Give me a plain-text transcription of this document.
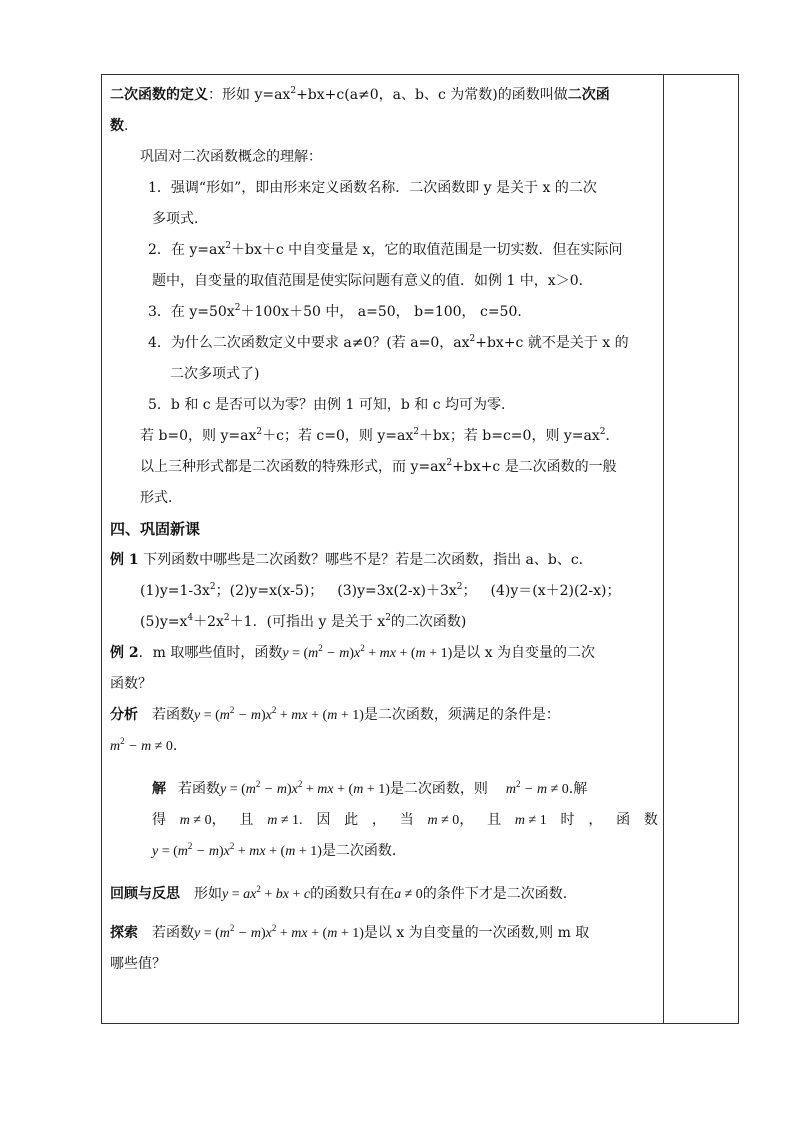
二次函数的定义：形如 $y=ax^2+bx+c(a\ne 0$，a、b、c 为常数)的函数叫做二次函
数.
巩固对二次函数概念的理解：
1．强调“形如”，即由形来定义函数名称．二次函数即 y 是关于 x 的二次
多项式．
2．在 $y=ax^2+bx+c$ 中自变量是 x，它的取值范围是一切实数．但在实际问
题中，自变量的取值范围是使实际问题有意义的值．如例 1 中，x＞0．
3．在 $y=50x^2+100x+50$ 中， a=50， b=100， c=50．
4．为什么二次函数定义中要求 a≠0？(若 a=0，$ax^2+bx+c$ 就不是关于 x 的
二次多项式了)
5．b 和 c 是否可以为零？由例 1 可知，b 和 c 均可为零．
若 b=0，则 $y=ax^2+c$；若 c=0，则 $y=ax^2+bx$；若 b=c=0，则 $y=ax^2$．
以上三种形式都是二次函数的特殊形式，而 $y=ax^2+bx+c$ 是二次函数的一般
形式．
四、巩固新课
例 1 下列函数中哪些是二次函数？哪些不是？若是二次函数，指出 a、b、c．
$(1)y=1-3x^2$；(2)y=x(x-5)； $(3)y=3x(2-x)+3x^2$； (4)y＝(x＋2)(2-x)；
$(5)y=x^4+2x^2+1$．(可指出 y 是关于 $x^2$的二次函数)
例 2．m 取哪些值时，函数$y = (m^2 - m)x^2$ + mx + (m + 1)是以 x 为自变量的二次
函数？
分析 若函数$y = (m^2 - m)x^2$ + mx + (m + 1)是二次函数，须满足的条件是：
$m^2 - m \ne 0$．
解 若函数$y = (m^2 - m)x^2$ + mx + (m + 1)是二次函数，则 $m^2 - m \ne 0$.解
得 m ≠ 0， 且 m ≠ 1. 因 此 ， 当 m ≠ 0， 且 m ≠ 1 时 ， 函 数
$y = (m^2 - m)x^2$ + mx + (m + 1)是二次函数.
回顾与反思 形如$y = ax^2$ + bx + c的函数只有在a ≠ 0的条件下才是二次函数.
探索 若函数$y = (m^2 - m)x^2$ + mx + (m + 1)是以 x 为自变量的一次函数,则 m 取
哪些值？
